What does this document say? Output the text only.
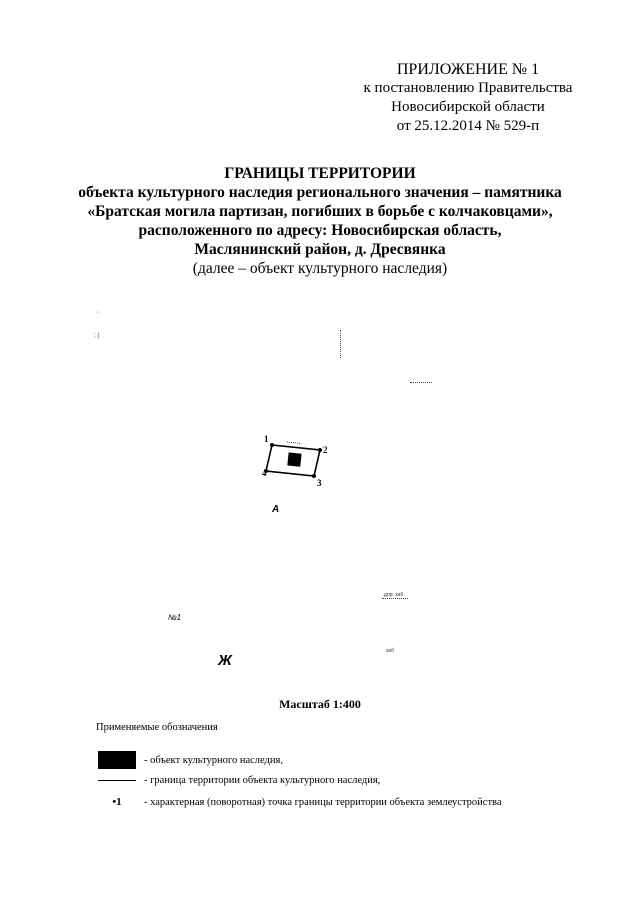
ПРИЛОЖЕНИЕ № 1
к постановлению Правительства
Новосибирской области
от 25.12.2014 № 529-п
ГРАНИЦЫ ТЕРРИТОРИИ
объекта культурного наследия регионального значения – памятника
«Братская могила партизан, погибших в борьбе с колчаковцами»,
расположенного по адресу: Новосибирская область,
Маслянинский район, д. Дресвянка
(далее – объект культурного наследия)
'
; (
1
2
3
4
А
Ж
№1
дор. заб
заб
Масштаб 1:400
Применяемые обозначения
- объект культурного наследия,
- граница территории объекта культурного наследия,
•1	- характерная (поворотная) точка границы территории объекта землеустройства
